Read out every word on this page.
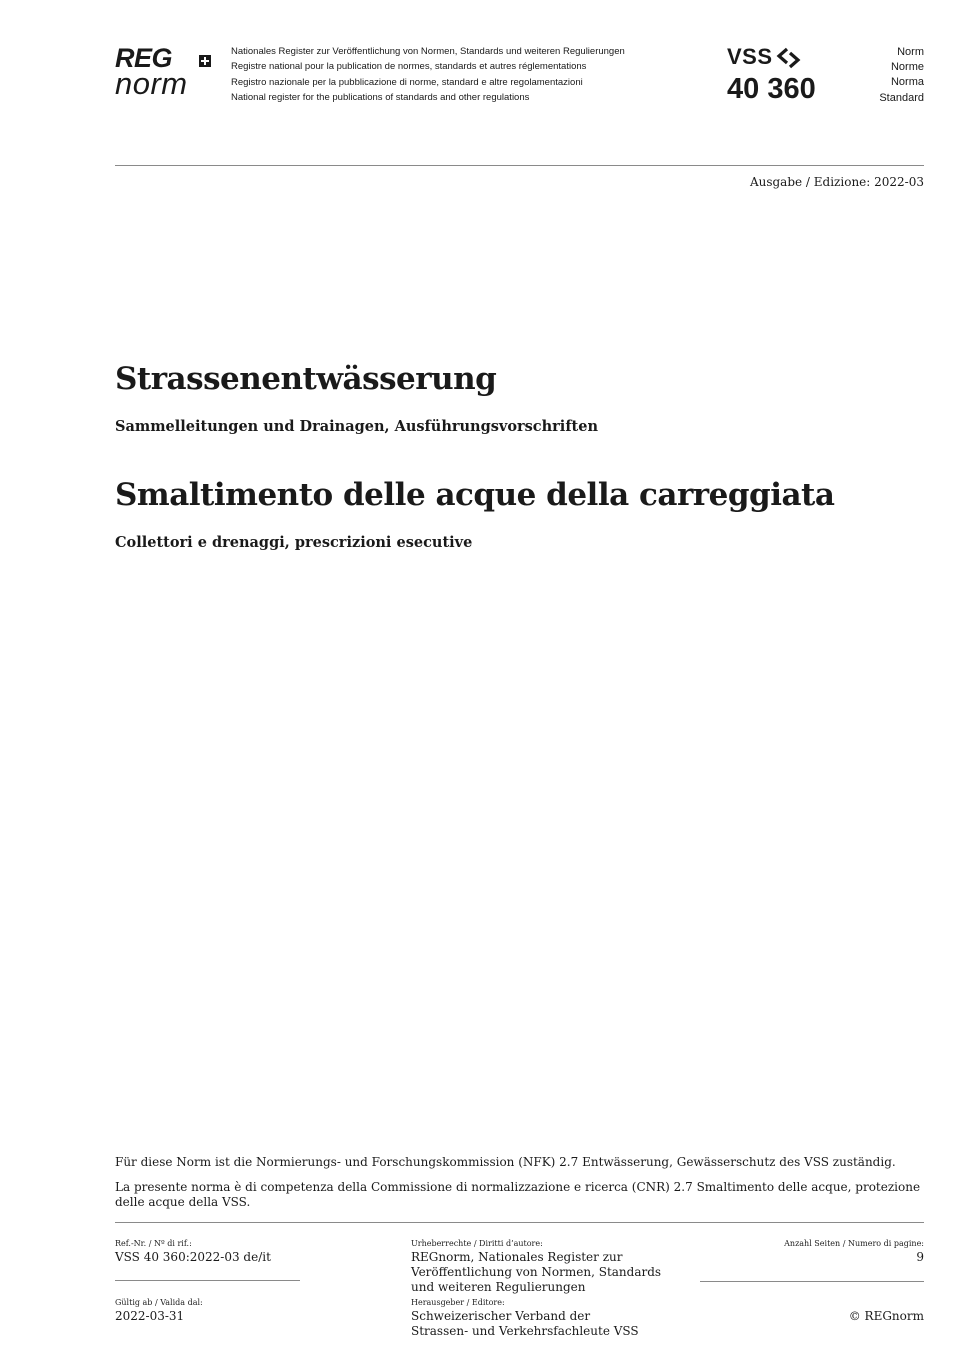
REG
norm
Nationales Register zur Veröffentlichung von Normen, Standards und weiteren Regulierungen
Registre national pour la publication de normes, standards et autres réglementations
Registro nazionale per la pubblicazione di norme, standard e altre regolamentazioni
National register for the publications of standards and other regulations
VSS
40 360
Norm
Norme
Norma
Standard
Ausgabe / Edizione: 2022-03
Strassenentwässerung
Sammelleitungen und Drainagen, Ausführungsvorschriften
Smaltimento delle acque della carreggiata
Collettori e drenaggi, prescrizioni esecutive
Für diese Norm ist die Normierungs- und Forschungskommission (NFK) 2.7 Entwässerung, Gewässerschutz des VSS zuständig.
La presente norma è di competenza della Commissione di normalizzazione e ricerca (CNR) 2.7 Smaltimento delle acque, protezione delle acque della VSS.
Ref.-Nr. / Nº di rif.:
VSS 40 360:2022-03 de/it
Gültig ab / Valida dal:
2022-03-31
Urheberrechte / Diritti d’autore:
REGnorm, Nationales Register zur
Veröffentlichung von Normen, Standards
und weiteren Regulierungen
Herausgeber / Editore:
Schweizerischer Verband der
Strassen- und Verkehrsfachleute VSS
Anzahl Seiten / Numero di pagine:
9
© REGnorm
